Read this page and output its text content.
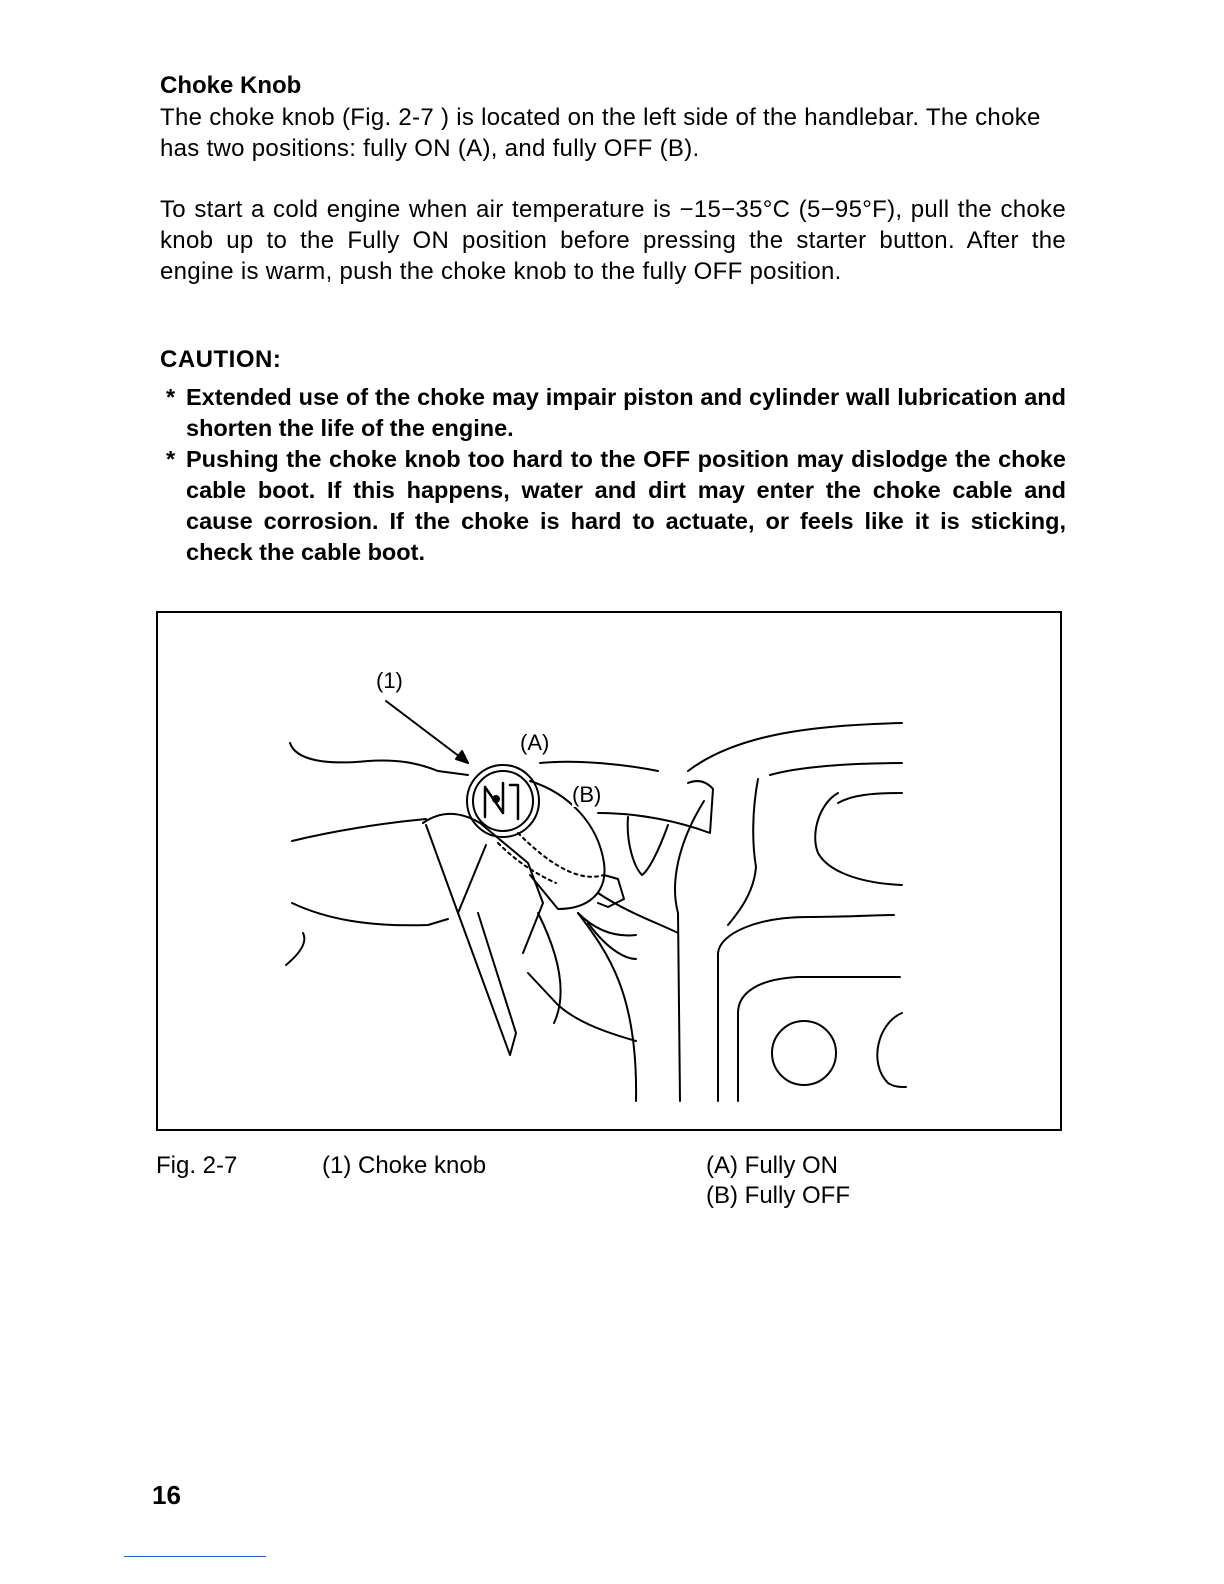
Choke Knob
The choke knob (Fig. 2-7 ) is located on the left side of the handlebar. The choke has two positions: fully ON (A), and fully OFF (B).
To start a cold engine when air temperature is −15−35°C (5−95°F), pull the choke knob up to the Fully ON position before pressing the starter button. After the engine is warm, push the choke knob to the fully OFF position.
CAUTION:
* Extended use of the choke may impair piston and cylinder wall lubrication and shorten the life of the engine.
* Pushing the choke knob too hard to the OFF position may dislodge the choke cable boot. If this happens, water and dirt may enter the choke cable and cause corrosion. If the choke is hard to actuate, or feels like it is sticking, check the cable boot.
(1)
(A)
(B)
Fig. 2-7	(1) Choke knob	(A) Fully ON
(B) Fully OFF
16
